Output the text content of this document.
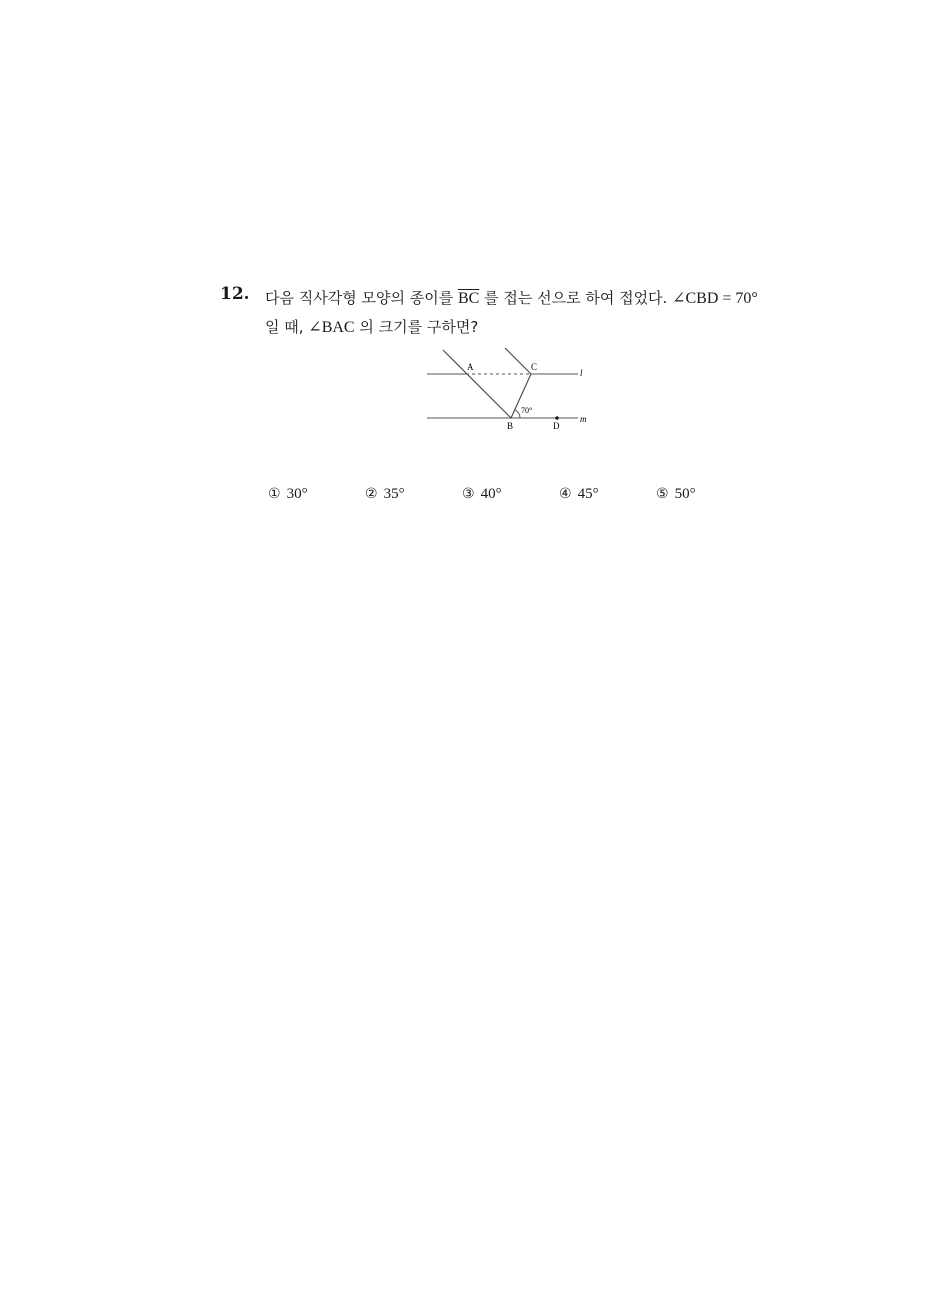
12. 다음 직사각형 모양의 종이를 $\overline{BC}$ 를 접는 선으로 하여 접었다. ∠CBD = 70°
일 때, ∠BAC 의 크기를 구하면?
A	C
B	D
l
m
70°
① 30°	② 35°	③ 40°	④ 45°	⑤ 50°
